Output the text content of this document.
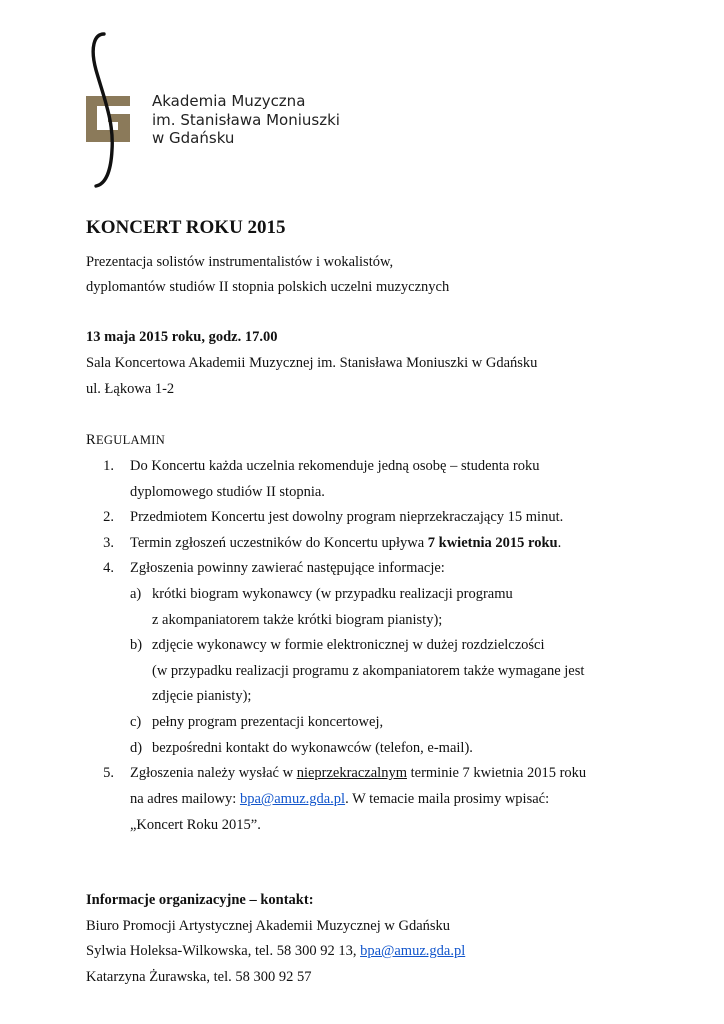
Akademia Muzyczna
im. Stanisława Moniuszki
w Gdańsku
KONCERT ROKU 2015
Prezentacja solistów instrumentalistów i wokalistów,
dyplomantów studiów II stopnia polskich uczelni muzycznych
13 maja 2015 roku, godz. 17.00
Sala Koncertowa Akademii Muzycznej im. Stanisława Moniuszki w Gdańsku
ul. Łąkowa 1-2
REGULAMIN
1. Do Koncertu każda uczelnia rekomenduje jedną osobę – studenta roku
dyplomowego studiów II stopnia.
2. Przedmiotem Koncertu jest dowolny program nieprzekraczający 15 minut.
3. Termin zgłoszeń uczestników do Koncertu upływa 7 kwietnia 2015 roku.
4. Zgłoszenia powinny zawierać następujące informacje:
a) krótki biogram wykonawcy (w przypadku realizacji programu
z akompaniatorem także krótki biogram pianisty);
b) zdjęcie wykonawcy w formie elektronicznej w dużej rozdzielczości
(w przypadku realizacji programu z akompaniatorem także wymagane jest
zdjęcie pianisty);
c) pełny program prezentacji koncertowej,
d) bezpośredni kontakt do wykonawców (telefon, e-mail).
5. Zgłoszenia należy wysłać w nieprzekraczalnym terminie 7 kwietnia 2015 roku
na adres mailowy: bpa@amuz.gda.pl. W temacie maila prosimy wpisać:
„Koncert Roku 2015”.
Informacje organizacyjne – kontakt:
Biuro Promocji Artystycznej Akademii Muzycznej w Gdańsku
Sylwia Holeksa-Wilkowska, tel. 58 300 92 13, bpa@amuz.gda.pl
Katarzyna Żurawska, tel. 58 300 92 57
